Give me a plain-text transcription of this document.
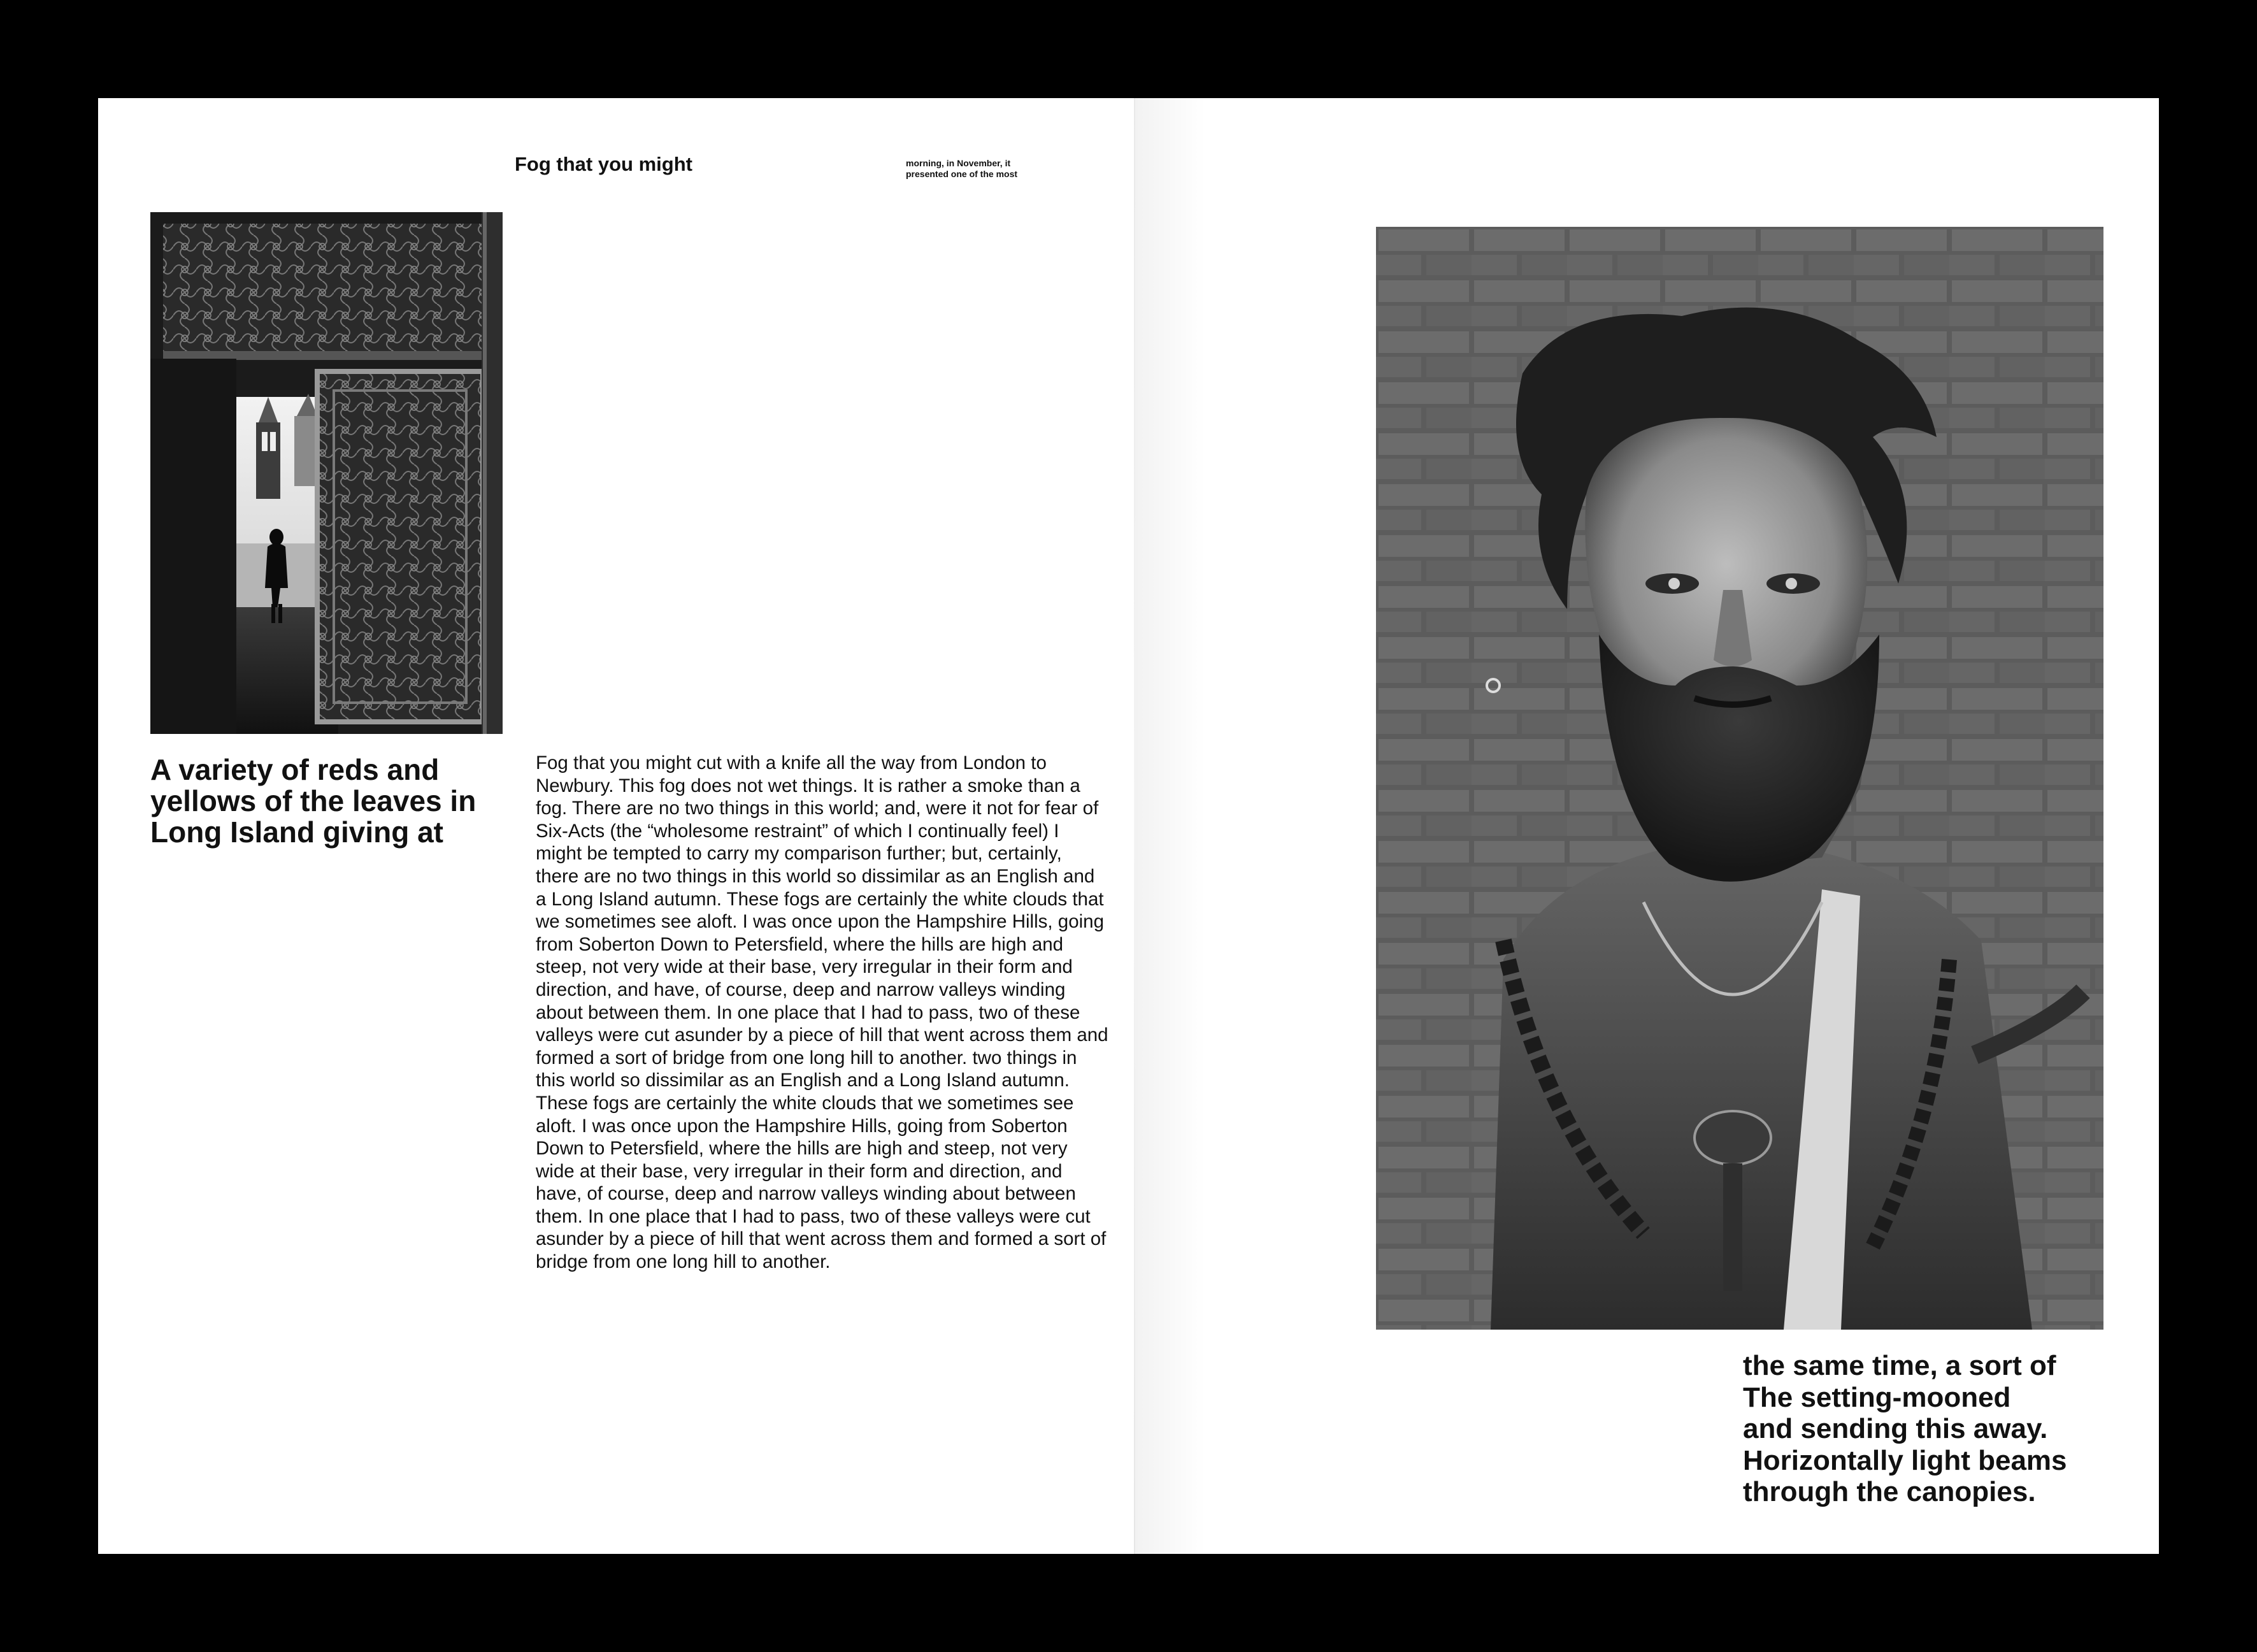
Fog that you might	morning, in November, it presented one of the most
A variety of reds and yellows of the leaves in Long Island giving at

Fog that you might cut with a knife all the way from London to Newbury. This fog does not wet things. It is rather a smoke than a fog. There are no two things in this world; and, were it not for fear of Six-Acts (the “wholesome restraint” of which I continually feel) I might be tempted to carry my comparison further; but, certainly, there are no two things in this world so dissimilar as an English and a Long Island autumn. These fogs are certainly the white clouds that we sometimes see aloft. I was once upon the Hampshire Hills, going from Soberton Down to Petersfield, where the hills are high and steep, not very wide at their base, very irregular in their form and direction, and have, of course, deep and narrow valleys winding about between them. In one place that I had to pass, two of these valleys were cut asunder by a piece of hill that went across them and formed a sort of bridge from one long hill to another. two things in this world so dissimilar as an English and a Long Island autumn. These fogs are certainly the white clouds that we sometimes see aloft. I was once upon the Hampshire Hills, going from Soberton Down to Petersfield, where the hills are high and steep, not very wide at their base, very irregular in their form and direction, and have, of course, deep and narrow valleys winding about between them. In one place that I had to pass, two of these valleys were cut asunder by a piece of hill that went across them and formed a sort of bridge from one long hill to another.

the same time, a sort of
The setting-mooned
and sending this away.
Horizontally light beams
through the canopies.
